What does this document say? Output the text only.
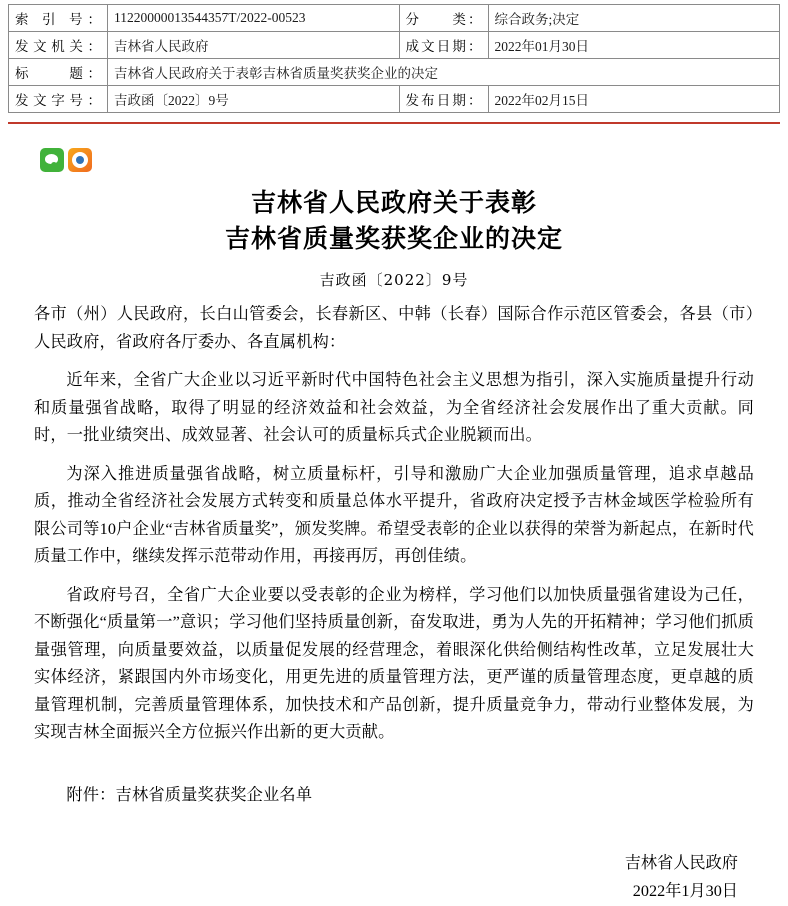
索 引 号：	11220000013544357T/2022-00523	分　　类：	综合政务;决定
发文机关：	吉林省人民政府	成文日期：	2022年01月30日
标　　题：	吉林省人民政府关于表彰吉林省质量奖获奖企业的决定		
发文字号：	吉政函〔2022〕9号	发布日期：	2022年02月15日
吉林省人民政府关于表彰
吉林省质量奖获奖企业的决定
吉政函〔2022〕9号

各市（州）人民政府，长白山管委会，长春新区、中韩（长春）国际合作示范区管委会，各县（市）人民政府，省政府各厅委办、各直属机构：

近年来，全省广大企业以习近平新时代中国特色社会主义思想为指引，深入实施质量提升行动和质量强省战略，取得了明显的经济效益和社会效益，为全省经济社会发展作出了重大贡献。同时，一批业绩突出、成效显著、社会认可的质量标兵式企业脱颖而出。

为深入推进质量强省战略，树立质量标杆，引导和激励广大企业加强质量管理，追求卓越品质，推动全省经济社会发展方式转变和质量总体水平提升，省政府决定授予吉林金域医学检验所有限公司等10户企业“吉林省质量奖”，颁发奖牌。希望受表彰的企业以获得的荣誉为新起点，在新时代质量工作中，继续发挥示范带动作用，再接再厉，再创佳绩。

省政府号召，全省广大企业要以受表彰的企业为榜样，学习他们以加快质量强省建设为己任，不断强化“质量第一”意识；学习他们坚持质量创新，奋发取进，勇为人先的开拓精神；学习他们抓质量强管理，向质量要效益，以质量促发展的经营理念，着眼深化供给侧结构性改革，立足发展壮大实体经济，紧跟国内外市场变化，用更先进的质量管理方法，更严谨的质量管理态度，更卓越的质量管理机制，完善质量管理体系，加快技术和产品创新，提升质量竞争力，带动行业整体发展，为实现吉林全面振兴全方位振兴作出新的更大贡献。

附件：吉林省质量奖获奖企业名单

吉林省人民政府
2022年1月30日
